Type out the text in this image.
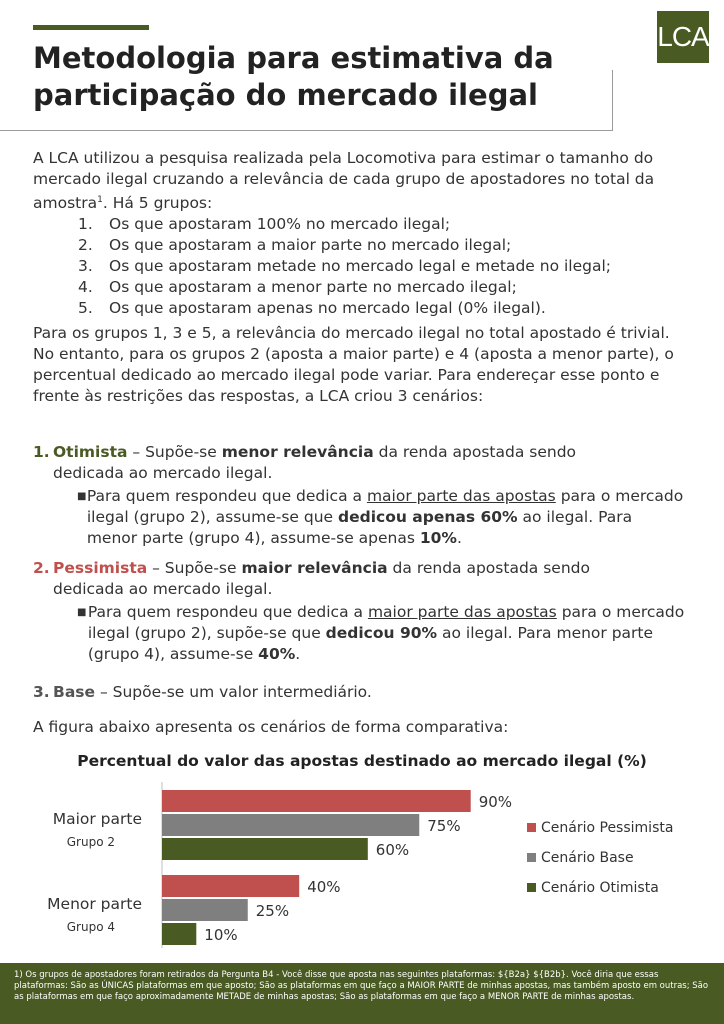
LCA
Metodologia para estimativa da participação do mercado ilegal

A LCA utilizou a pesquisa realizada pela Locomotiva para estimar o tamanho do mercado ilegal cruzando a relevância de cada grupo de apostadores no total da amostra$^1$. Há 5 grupos:

1.	Os que apostaram 100% no mercado ilegal;
2.	Os que apostaram a maior parte no mercado ilegal;
3.	Os que apostaram metade no mercado legal e metade no ilegal;
4.	Os que apostaram a menor parte no mercado ilegal;
5.	Os que apostaram apenas no mercado legal (0% ilegal).

Para os grupos 1, 3 e 5, a relevância do mercado ilegal no total apostado é trivial. No entanto, para os grupos 2 (aposta a maior parte) e 4 (aposta a menor parte), o percentual dedicado ao mercado ilegal pode variar. Para endereçar esse ponto e frente às restrições das respostas, a LCA criou 3 cenários:

1. Otimista – Supõe-se menor relevância da renda apostada sendo
dedicada ao mercado ilegal.
■ Para quem respondeu que dedica a maior parte das apostas para o mercado ilegal (grupo 2), assume-se que dedicou apenas 60% ao ilegal. Para menor parte (grupo 4), assume-se apenas 10%.
2. Pessimista – Supõe-se maior relevância da renda apostada sendo
dedicada ao mercado ilegal.
■ Para quem respondeu que dedica a maior parte das apostas para o mercado ilegal (grupo 2), supõe-se que dedicou 90% ao ilegal. Para menor parte (grupo 4), assume-se 40%.
3. Base – Supõe-se um valor intermediário.

A figura abaixo apresenta os cenários de forma comparativa:

Percentual do valor das apostas destinado ao mercado ilegal (%)
90%
75%
60%
Maior parte
Grupo 2
40%
25%
10%
Menor parte
Grupo 4
Cenário Pessimista
Cenário Base
Cenário Otimista
1) Os grupos de apostadores foram retirados da Pergunta B4 - Você disse que aposta nas seguintes plataformas: ${B2a} ${B2b}. Você diria que essas plataformas: São as ÚNICAS plataformas em que aposto; São as plataformas em que faço a MAIOR PARTE de minhas apostas, mas também aposto em outras; São as plataformas em que faço aproximadamente METADE de minhas apostas; São as plataformas em que faço a MENOR PARTE de minhas apostas.
